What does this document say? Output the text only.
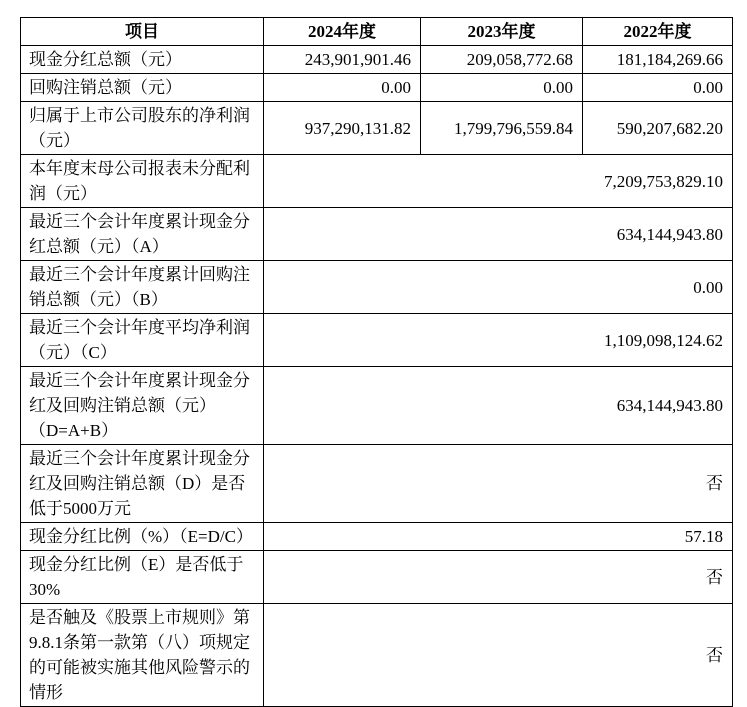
项目	2024年度	2023年度	2022年度
现金分红总额（元）	243,901,901.46	209,058,772.68	181,184,269.66
回购注销总额（元）	0.00	0.00	0.00
归属于上市公司股东的净利润（元）	937,290,131.82	1,799,796,559.84	590,207,682.20
本年度末母公司报表未分配利润（元）	7,209,753,829.10		
最近三个会计年度累计现金分红总额（元）（A）	634,144,943.80		
最近三个会计年度累计回购注销总额（元）（B）	0.00		
最近三个会计年度平均净利润（元）（C）	1,109,098,124.62		
最近三个会计年度累计现金分红及回购注销总额（元）（D=A+B）	634,144,943.80		
最近三个会计年度累计现金分红及回购注销总额（D）是否低于5000万元	否		
现金分红比例（%）（E=D/C）	57.18		
现金分红比例（E）是否低于30%	否		
是否触及《股票上市规则》第9.8.1条第一款第（八）项规定的可能被实施其他风险警示的情形	否		
